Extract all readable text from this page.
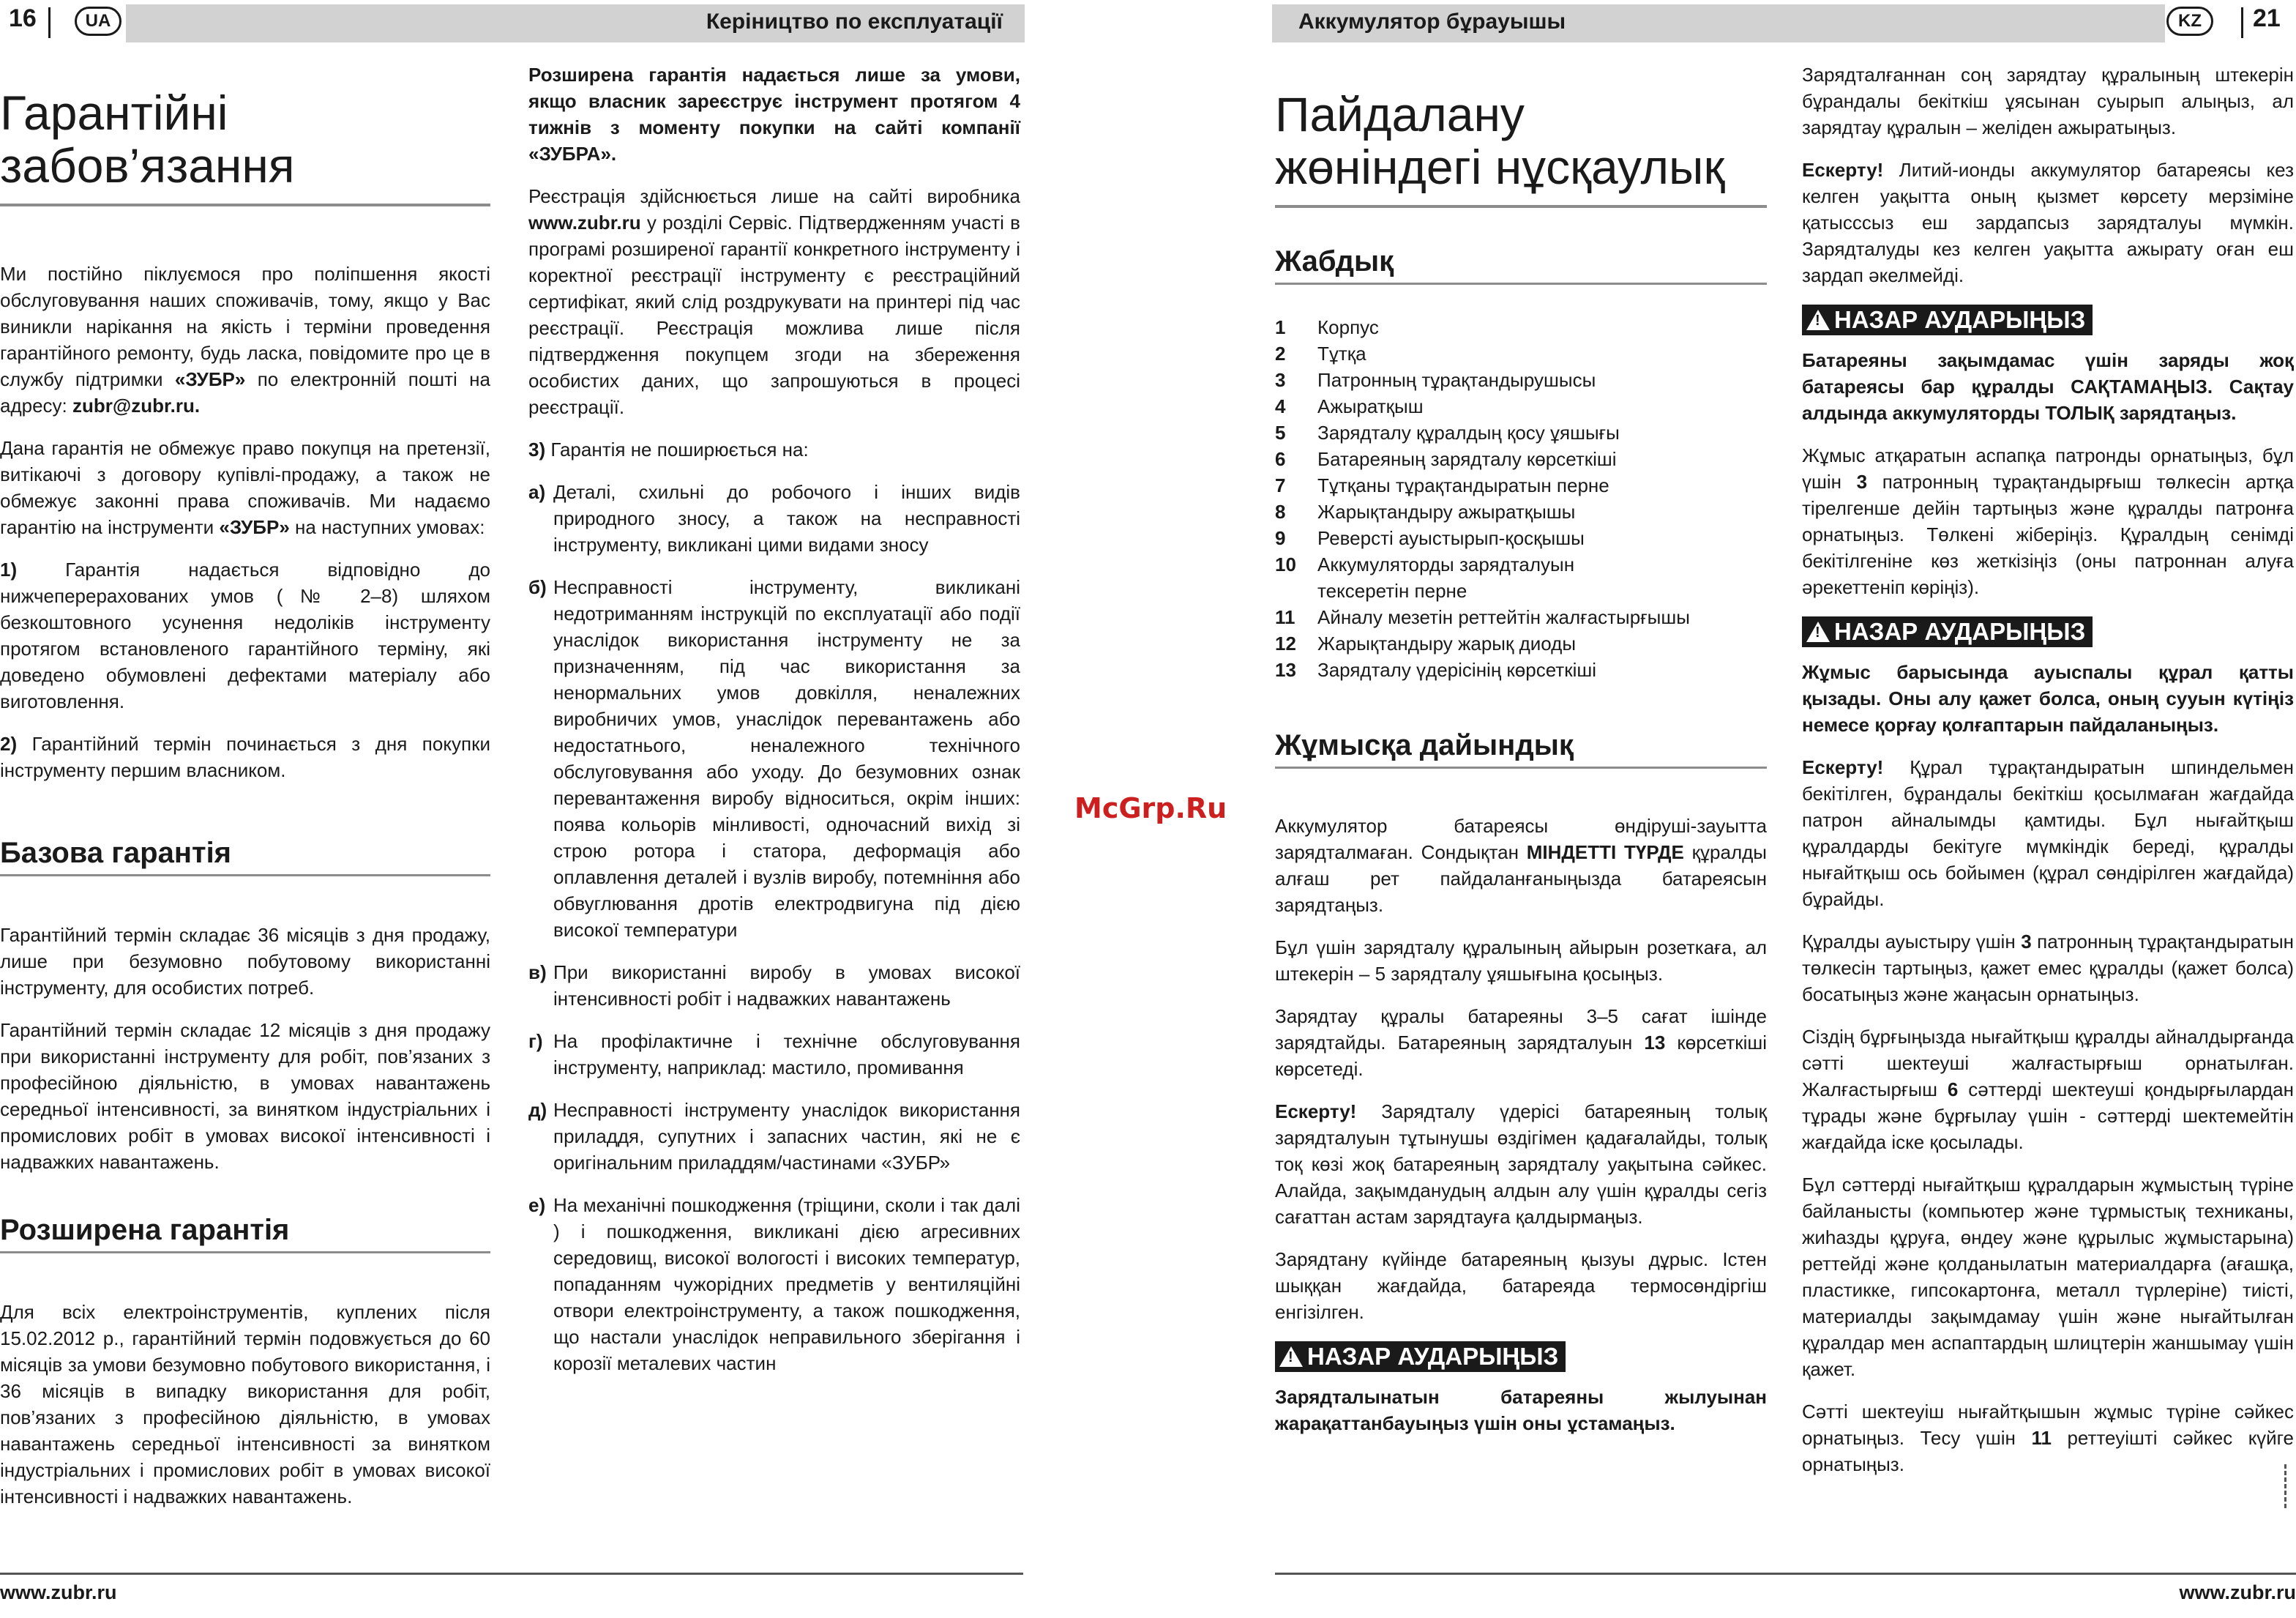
16	UA	Керіництво по експлуатації
Гарантійні
забов’язання

Ми постійно піклуємося про поліпшення якості обслуговування наших споживачів, тому, якщо у Вас виникли нарікання на якість і терміни проведення гарантійного ремонту, будь ласка, повідомите про це в службу підтримки «ЗУБР» по електронній пошті на адресу: zubr@zubr.ru.

Дана гарантія не обмежує право покупця на претензії, витікаючі з договору купівлі-продажу, а також не обмежує законні права споживачів. Ми надаємо гарантію на інструменти «ЗУБР» на наступних умовах:

1) Гарантія надається відповідно до нижчеперерахованих умов (№ 2–8) шляхом безкоштовного усунення недоліків інструменту протягом встановленого гарантійного терміну, які доведено обумовлені дефектами матеріалу або виготовлення.

2) Гарантійний термін починається з дня покупки інструменту першим власником.

Базова гарантія

Гарантійний термін складає 36 місяців з дня продажу, лише при безумовно побутовому використанні інструменту, для особистих потреб.

Гарантійний термін складає 12 місяців з дня продажу при використанні інструменту для робіт, пов’язаних з професійною діяльністю, в умовах навантажень середньої інтенсивності, за винятком індустріальних і промислових робіт в умовах високої інтенсивності і надважких навантажень.

Розширена гарантія

Для всіх електроінструментів, куплених після 15.02.2012 р., гарантійний термін подовжується до 60 місяців за умови безумовно побутового використання, і 36 місяців в випадку використання для робіт, пов’язаних з професійною діяльністю, в умовах навантажень середньої інтенсивності за винятком індустріальних і промислових робіт в умовах високої інтенсивності і надважких навантажень.

Розширена гарантія надається лише за умови, якщо власник зареєструє інструмент протягом 4 тижнів з моменту покупки на сайті компанії «ЗУБРА».

Реєстрація здійснюється лише на сайті виробника www.zubr.ru у розділі Сервіс. Підтвердженням участі в програмі розширеної гарантії конкретного інструменту і коректної реєстрації інструменту є реєстраційний сертифікат, який слід роздрукувати на принтері під час реєстрації. Реєстрація можлива лише після підтвердження покупцем згоди на збереження особистих даних, що запрошуються в процесі реєстрації.

3) Гарантія не поширюється на:

а) Деталі, схильні до робочого і інших видів природного зносу, а також на несправності інструменту, викликані цими видами зносу
б) Несправності інструменту, викликані недотриманням інструкцій по експлуатації або події унаслідок використання інструменту не за призначенням, під час використання за ненормальних умов довкілля, неналежних виробничих умов, унаслідок перевантажень або недостатнього, неналежного технічного обслуговування або уходу. До безумовних ознак перевантаження виробу відноситься, окрім інших: поява кольорів мінливості, одночасний вихід зі строю ротора і статора, деформація або оплавлення деталей і вузлів виробу, потемніння або обвуглювання дротів електродвигуна під дією високої температури
в) При використанні виробу в умовах високої інтенсивності робіт і надважких навантажень
г) На профілактичне і технічне обслуговування інструменту, наприклад: мастило, промивання
д) Несправності інструменту унаслідок використання приладдя, супутних і запасних частин, які не є оригінальним приладдям/частинами «ЗУБР»
е) На механічні пошкодження (тріщини, сколи і так далі ) і пошкодження, викликані дією агресивних середовищ, високої вологості і високих температур, попаданням чужорідних предметів у вентиляційні отвори електроінструменту, а також пошкодження, що настали унаслідок неправильного зберігання і корозії металевих частин
www.zubr.ru
McGrp.Ru
Аккумулятор бұрауышы	KZ	21
Пайдалану
жөніндегі нұсқаулық
Жабдық
1	Корпус
2	Тұтқа
3	Патронның тұрақтандырушысы
4	Ажыратқыш
5	Зарядталу құралдың қосу ұяшығы
6	Батареяның зарядталу көрсеткіші
7	Тұтқаны тұрақтандыратын перне
8	Жарықтандыру ажыратқышы
9	Реверсті ауыстырып-қосқышы
10	Аккумуляторды зарядталуын
тексеретін перне
11	Айналу мезетін реттейтін жалғастырғышы
12	Жарықтандыру жарық диоды
13	Зарядталу үдерісінің көрсеткіші
Жұмысқа дайындық

Аккумулятор батареясы өндіруші-зауытта зарядталмаған. Сондықтан МІНДЕТТІ ТҮРДЕ құралды алғаш рет пайдаланғаныңызда батареясын зарядтаңыз.

Бұл үшін зарядталу құралының айырын розеткаға, ал штекерін – 5 зарядталу ұяшығына қосыңыз.

Зарядтау құралы батареяны 3–5 сағат ішінде зарядтайды. Батареяның зарядталуын 13 көрсеткіші көрсетеді.

Ескерту! Зарядталу үдерісі батареяның толық зарядталуын тұтынушы өздігімен қадағалайды, толық тоқ көзі жоқ батареяның зарядталу уақытына сәйкес. Алайда, зақымданудың алдын алу үшін құралды сегіз сағаттан астам зарядтауға қалдырмаңыз.

Зарядтану күйінде батареяның қызуы дұрыс. Істен шыққан жағдайда, батареяда термосөндіргіш енгізілген.

!
НАЗАР АУДАРЫҢЫЗ

Зарядталынатын батареяны жылуынан жарақаттанбауыңыз үшін оны ұстамаңыз.

Зарядталғаннан соң зарядтау құралының штекерін бұрандалы бекіткіш ұясынан суырып алыңыз, ал зарядтау құралын – желіден ажыратыңыз.

Ескерту! Литий-ионды аккумулятор батареясы кез келген уақытта оның қызмет көрсету мерзіміне қатысссыз еш зардапсыз зарядталуы мүмкін. Зарядталуды кез келген уақытта ажырату оған еш зардап әкелмейді.

!
НАЗАР АУДАРЫҢЫЗ

Батареяны зақымдамас үшін заряды жоқ батареясы бар құралды САҚТАМАҢЫЗ. Сақтау алдында аккумуляторды ТОЛЫҚ зарядтаңыз.

Жұмыс атқаратын аспапқа патронды орнатыңыз, бұл үшін 3 патронның тұрақтандырғыш төлкесін артқа тірелгенше дейін тартыңыз және құралды патронға орнатыңыз. Төлкені жіберіңіз. Құралдың сенімді бекітілгеніне көз жеткізіңіз (оны патроннан алуға әрекеттеніп көріңіз).

!
НАЗАР АУДАРЫҢЫЗ

Жұмыс барысында ауыспалы құрал қатты қызады. Оны алу қажет болса, оның сууын күтіңіз немесе қорғау қолғаптарын пайдаланыңыз.

Ескерту! Құрал тұрақтандыратын шпиндельмен бекітілген, бұрандалы бекіткіш қосылмаған жағдайда патрон айналымды қамтиды. Бұл нығайтқыш құралдарды бекітуге мүмкіндік береді, құралды нығайтқыш ось бойымен (құрал сөндірілген жағдайда) бұрайды.

Құралды ауыстыру үшін 3 патронның тұрақтандыратын төлкесін тартыңыз, қажет емес құралды (қажет болса) босатыңыз және жаңасын орнатыңыз.

Сіздің бұрғыңызда нығайтқыш құралды айналдырғанда сәтті шектеуші жалғастырғыш орнатылған. Жалғастырғыш 6 сәттерді шектеуші қондырғылардан тұрады және бұрғылау үшін - сәттерді шектемейтін жағдайда іске қосылады.

Бұл сәттерді нығайтқыш құралдарын жұмыстың түріне байланысты (компьютер және тұрмыстық техниканы, жиһазды құруға, өндеу және құрылыс жұмыстарына) реттейді және қолданылатын материалдарға (ағашқа, пластикке, гипсокартонға, металл түрлеріне) тиісті, материалды зақымдамау үшін және нығайтылған құралдар мен аспаптардың шлицтерін жаншымау үшін қажет.

Сәтті шектеуіш нығайтқышын жұмыс түріне сәйкес орнатыңыз. Тесу үшін 11 реттеуішті сәйкес күйге орнатыңыз.

www.zubr.ru
